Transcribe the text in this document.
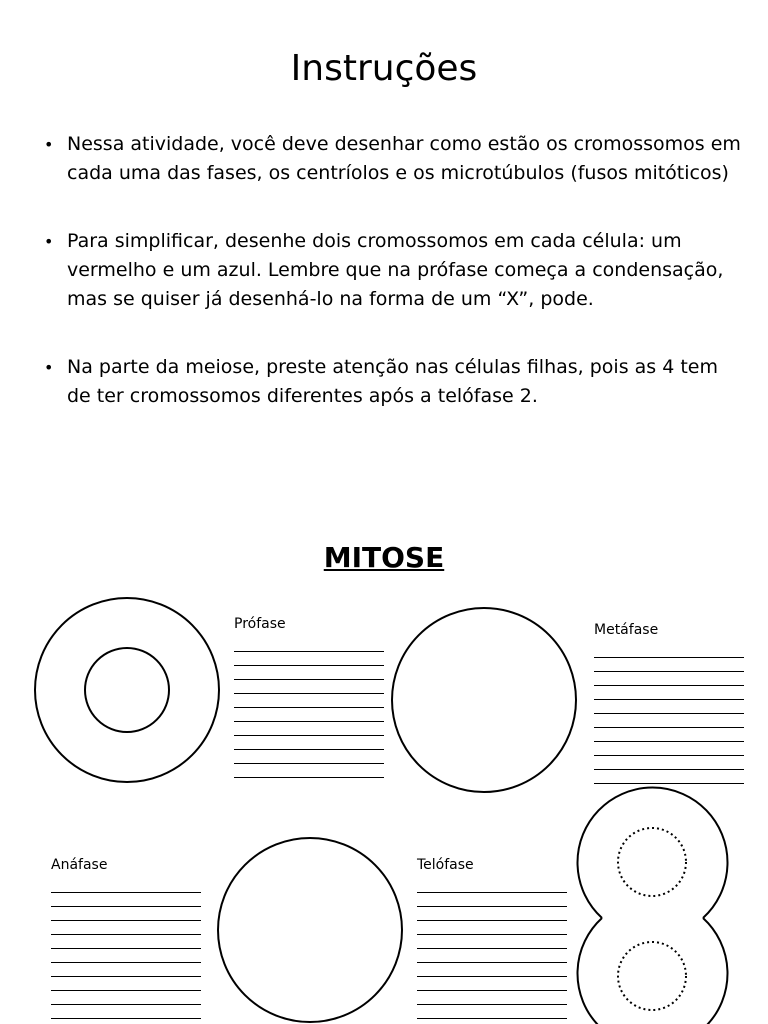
Instruções

• Nessa atividade, você deve desenhar como estão os cromossomos em cada uma das fases, os centríolos e os microtúbulos (fusos mitóticos)

• Para simplificar, desenhe dois cromossomos em cada célula: um vermelho e um azul. Lembre que na prófase começa a condensação, mas se quiser já desenhá-lo na forma de um “X”, pode.

• Na parte da meiose, preste atenção nas células filhas, pois as 4 tem de ter cromossomos diferentes após a telófase 2.

MITOSE
Prófase	Metáfase
Anáfase	Telófase
